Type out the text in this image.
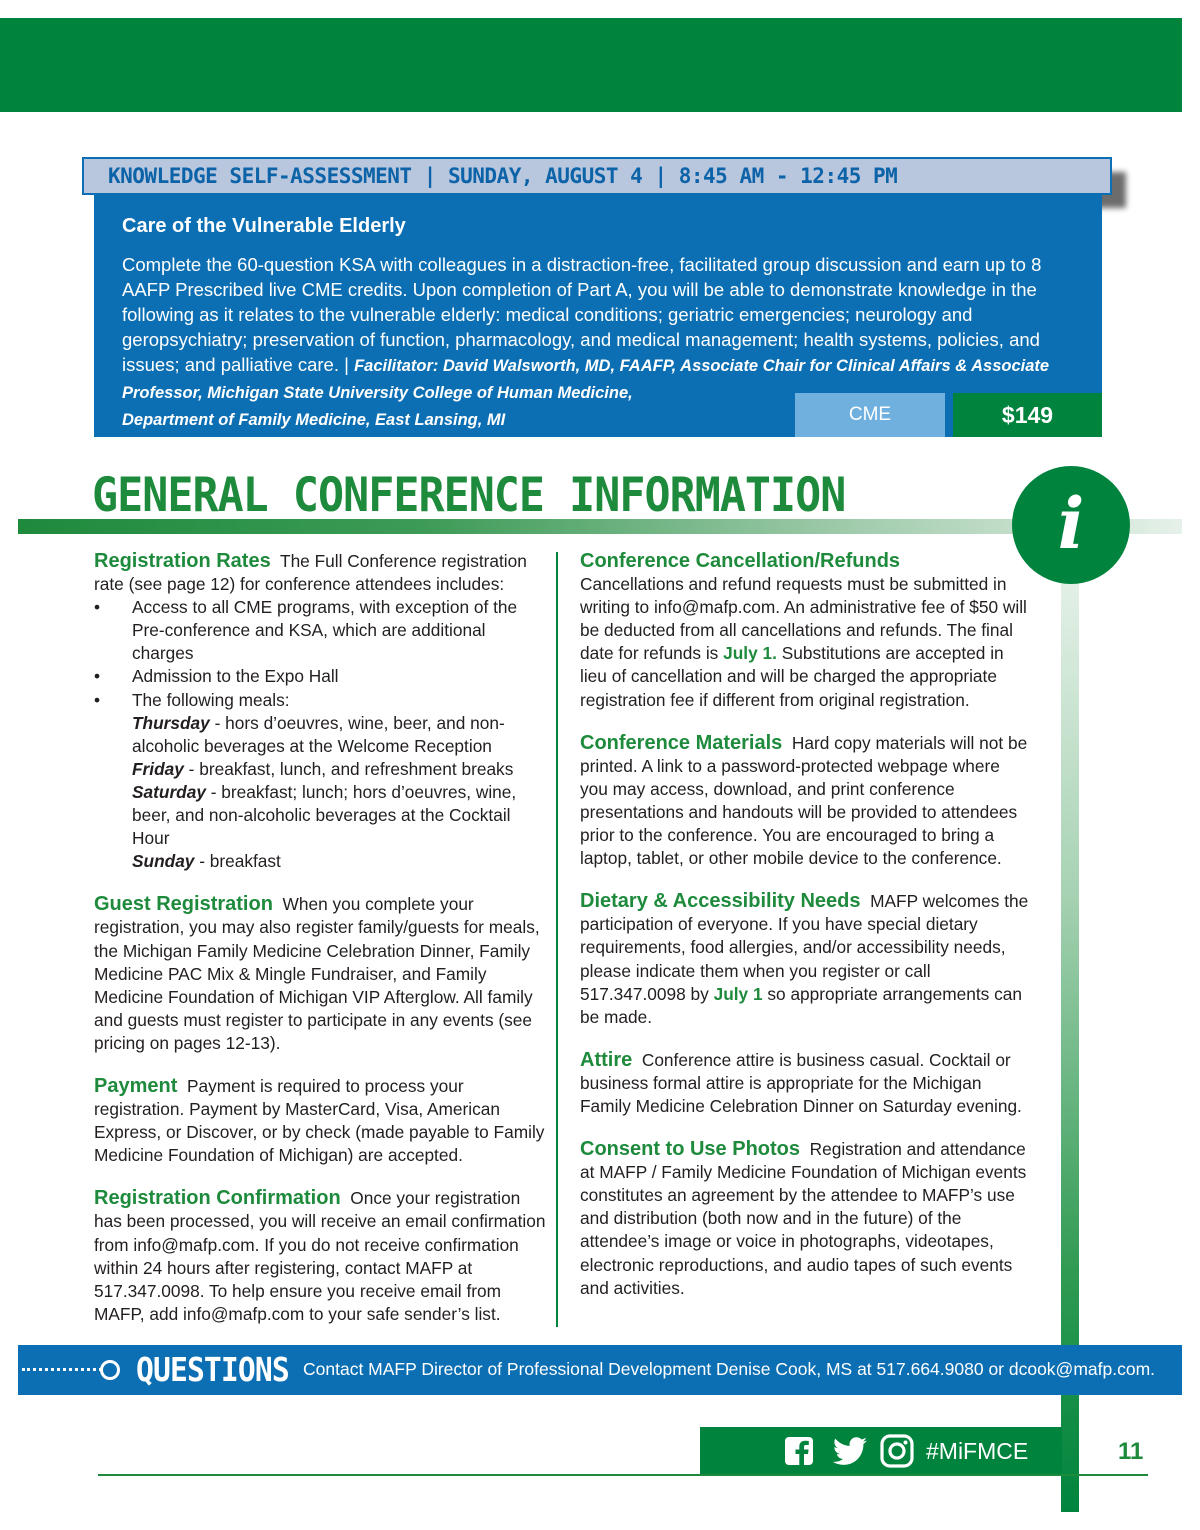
KNOWLEDGE SELF-ASSESSMENT | SUNDAY, AUGUST 4 | 8:45 AM - 12:45 PM
Care of the Vulnerable Elderly
Complete the 60-question KSA with colleagues in a distraction-free, facilitated group discussion and earn up to 8 AAFP Prescribed live CME credits. Upon completion of Part A, you will be able to demonstrate knowledge in the following as it relates to the vulnerable elderly: medical conditions; geriatric emergencies; neurology and geropsychiatry; preservation of function, pharmacology, and medical management; health systems, policies, and issues; and palliative care. | Facilitator: David Walsworth, MD, FAAFP, Associate Chair for Clinical Affairs & Associate Professor, Michigan State University College of Human Medicine,
Department of Family Medicine, East Lansing, MI	CME	$149
GENERAL CONFERENCE INFORMATION	i
Registration Rates The Full Conference registration rate (see page 12) for conference attendees includes:
• Access to all CME programs, with exception of the Pre-conference and KSA, which are additional charges
• Admission to the Expo Hall
• The following meals:
Thursday - hors d’oeuvres, wine, beer, and non-alcoholic beverages at the Welcome Reception
Friday - breakfast, lunch, and refreshment breaks
Saturday - breakfast; lunch; hors d’oeuvres, wine, beer, and non-alcoholic beverages at the Cocktail Hour
Sunday - breakfast
Guest Registration When you complete your registration, you may also register family/guests for meals, the Michigan Family Medicine Celebration Dinner, Family Medicine PAC Mix & Mingle Fundraiser, and Family Medicine Foundation of Michigan VIP Afterglow. All family and guests must register to participate in any events (see pricing on pages 12-13).
Payment Payment is required to process your registration. Payment by MasterCard, Visa, American Express, or Discover, or by check (made payable to Family Medicine Foundation of Michigan) are accepted.
Registration Confirmation Once your registration has been processed, you will receive an email confirmation from info@mafp.com. If you do not receive confirmation within 24 hours after registering, contact MAFP at 517.347.0098. To help ensure you receive email from MAFP, add info@mafp.com to your safe sender’s list.
Conference Cancellation/Refunds
Cancellations and refund requests must be submitted in writing to info@mafp.com. An administrative fee of $50 will be deducted from all cancellations and refunds. The final date for refunds is July 1. Substitutions are accepted in lieu of cancellation and will be charged the appropriate registration fee if different from original registration.
Conference Materials Hard copy materials will not be printed. A link to a password-protected webpage where you may access, download, and print conference presentations and handouts will be provided to attendees prior to the conference. You are encouraged to bring a laptop, tablet, or other mobile device to the conference.
Dietary & Accessibility Needs MAFP welcomes the participation of everyone. If you have special dietary requirements, food allergies, and/or accessibility needs, please indicate them when you register or call 517.347.0098 by July 1 so appropriate arrangements can be made.
Attire Conference attire is business casual. Cocktail or business formal attire is appropriate for the Michigan Family Medicine Celebration Dinner on Saturday evening.
Consent to Use Photos Registration and attendance at MAFP / Family Medicine Foundation of Michigan events constitutes an agreement by the attendee to MAFP’s use and distribution (both now and in the future) of the attendee’s image or voice in photographs, videotapes, electronic reproductions, and audio tapes of such events and activities.
QUESTIONS Contact MAFP Director of Professional Development Denise Cook, MS at 517.664.9080 or dcook@mafp.com.
#MiFMCE	11
